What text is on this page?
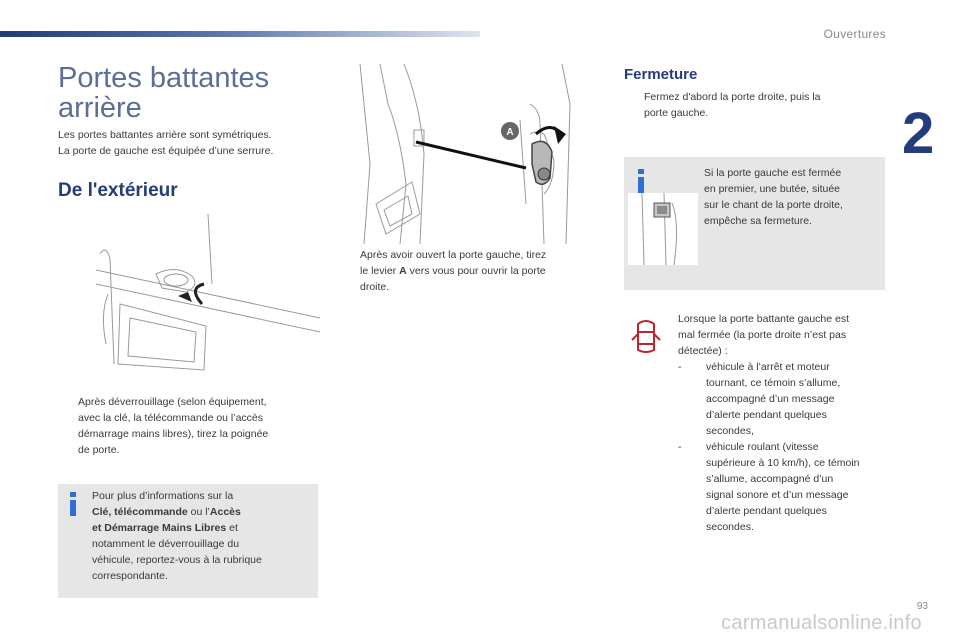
Ouvertures
2
Portes battantes
arrière
Les portes battantes arrière sont symétriques.
La porte de gauche est équipée d’une serrure.
De l'extérieur
Après déverrouillage (selon équipement,
avec la clé, la télécommande ou l’accès
démarrage mains libres), tirez la poignée
de porte.
Pour plus d’informations sur la
Clé, télécommande ou l’Accès
et Démarrage Mains Libres et
notamment le déverrouillage du
véhicule, reportez-vous à la rubrique
correspondante.
A
Après avoir ouvert la porte gauche, tirez
le levier A vers vous pour ouvrir la porte
droite.
Fermeture
Fermez d'abord la porte droite, puis la
porte gauche.
Si la porte gauche est fermée
en premier, une butée, située
sur le chant de la porte droite,
empêche sa fermeture.
Lorsque la porte battante gauche est
mal fermée (la porte droite n’est pas
détectée) :
- véhicule à l’arrêt et moteur
tournant, ce témoin s’allume,
accompagné d’un message
d’alerte pendant quelques
secondes,
- véhicule roulant (vitesse
supérieure à 10 km/h), ce témoin
s’allume, accompagné d’un
signal sonore et d’un message
d’alerte pendant quelques
secondes.
93
carmanualsonline.info
